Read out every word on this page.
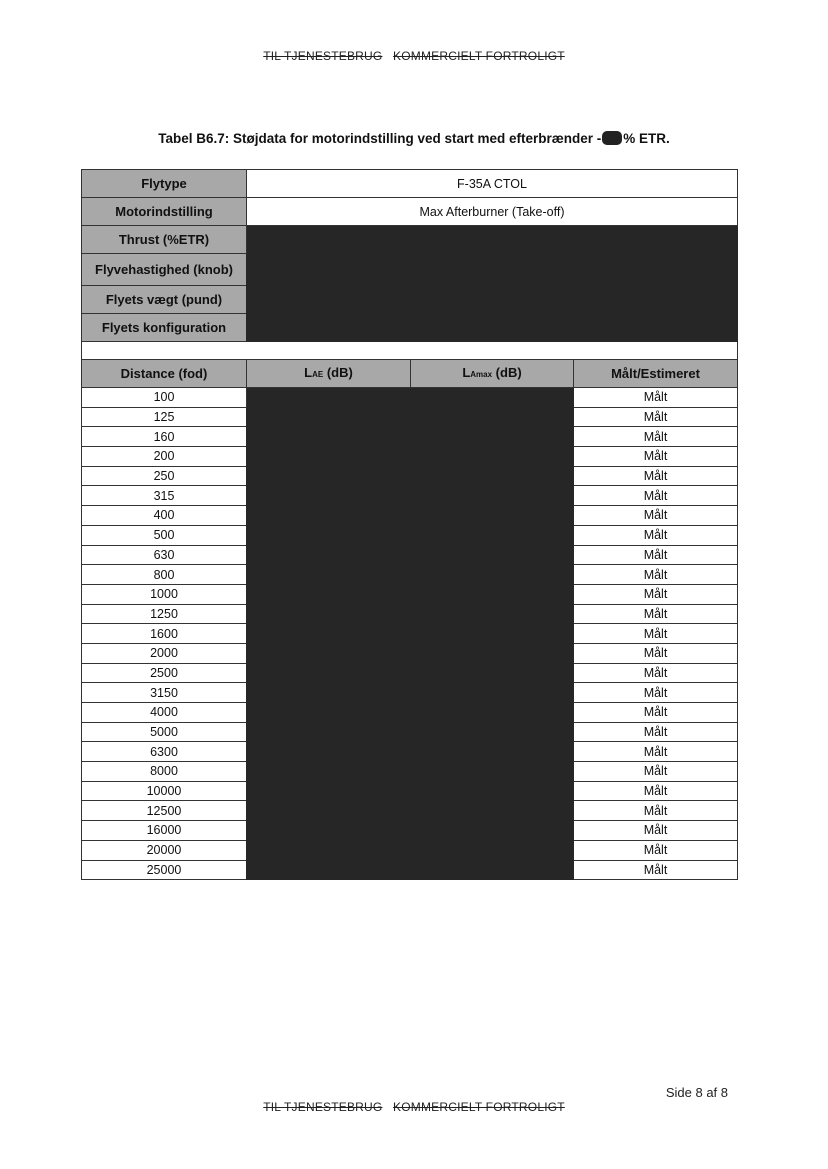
TIL TJENESTEBRUG KOMMERCIELT FORTROLIGT
Tabel B6.7: Støjdata for motorindstilling ved start med efterbrænder - % ETR.
Flytype	F-35A CTOL		
Motorindstilling	Max Afterburner (Take-off)		
Thrust (%ETR)			
Flyvehastighed (knob)			
Flyets vægt (pund)			
Flyets konfiguration			

Distance (fod)	LAE (dB)	LAmax (dB)	Målt/Estimeret
100			Målt
125			Målt
160			Målt
200			Målt
250			Målt
315			Målt
400			Målt
500			Målt
630			Målt
800			Målt
1000			Målt
1250			Målt
1600			Målt
2000			Målt
2500			Målt
3150			Målt
4000			Målt
5000			Målt
6300			Målt
8000			Målt
10000			Målt
12500			Målt
16000			Målt
20000			Målt
25000			Målt
Side 8 af 8
TIL TJENESTEBRUG KOMMERCIELT FORTROLIGT
